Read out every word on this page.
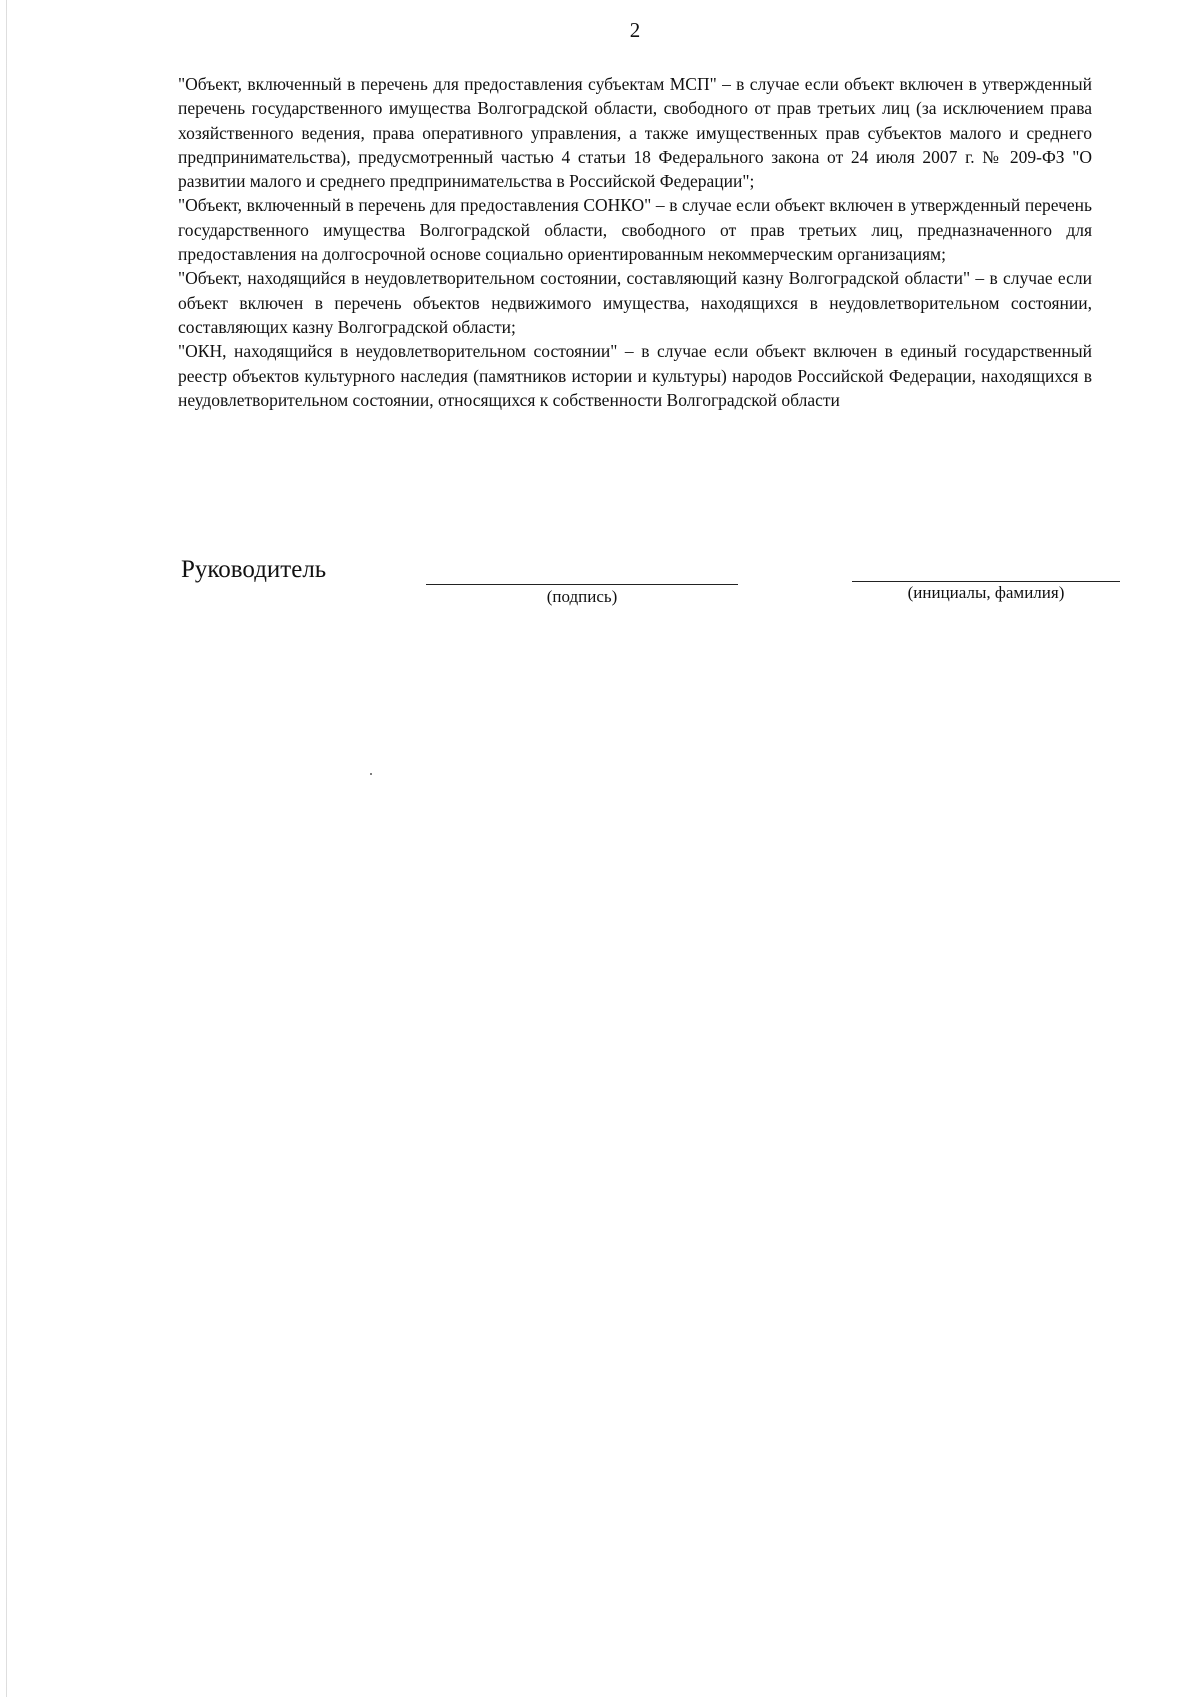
2

"Объект, включенный в перечень для предоставления субъектам МСП" – в случае если объект включен в утвержденный перечень государственного имущества Волгоградской области, свободного от прав третьих лиц (за исключением права хозяйственного ведения, права оперативного управления, а также имущественных прав субъектов малого и среднего предпринимательства), предусмотренный частью 4 статьи 18 Федерального закона от 24 июля 2007 г. № 209-ФЗ "О развитии малого и среднего предпринимательства в Российской Федерации";

"Объект, включенный в перечень для предоставления СОНКО" – в случае если объект включен в утвержденный перечень государственного имущества Волгоградской области, свободного от прав третьих лиц, предназначенного для предоставления на долгосрочной основе социально ориентированным некоммерческим организациям;

"Объект, находящийся в неудовлетворительном состоянии, составляющий казну Волгоградской области" – в случае если объект включен в перечень объектов недвижимого имущества, находящихся в неудовлетворительном состоянии, составляющих казну Волгоградской области;

"ОКН, находящийся в неудовлетворительном состоянии" – в случае если объект включен в единый государственный реестр объектов культурного наследия (памятников истории и культуры) народов Российской Федерации, находящихся в неудовлетворительном состоянии, относящихся к собственности Волгоградской области

Руководитель
(подпись)	(инициалы, фамилия)
